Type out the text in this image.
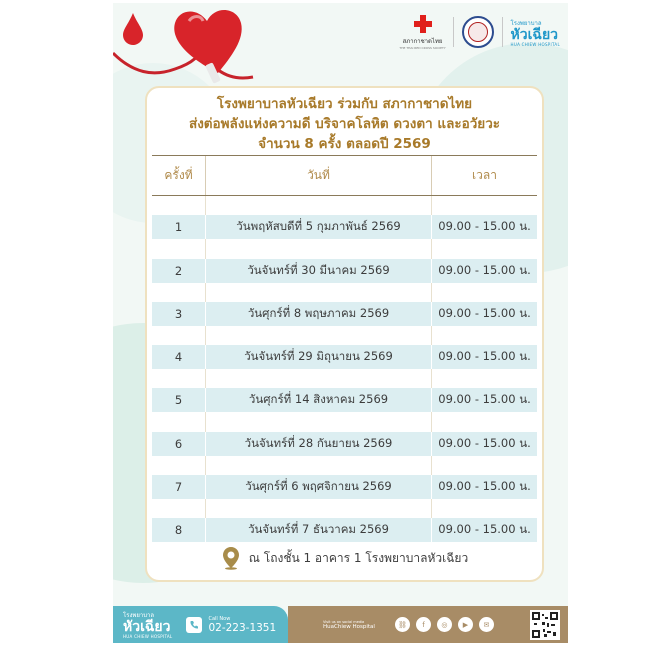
สภากาชาดไทย
THE THAI RED CROSS SOCIETY
โรงพยาบาล
หัวเฉียว
HUA CHIEW HOSPITAL
โรงพยาบาลหัวเฉียว ร่วมกับ สภากาชาดไทย
ส่งต่อพลังแห่งความดี บริจาคโลหิต ดวงตา และอวัยวะ
จำนวน 8 ครั้ง ตลอดปี 2569
ครั้งที่	วันที่	เวลา
1	วันพฤหัสบดีที่ 5 กุมภาพันธ์ 2569	09.00 - 15.00 น.
2	วันจันทร์ที่ 30 มีนาคม 2569	09.00 - 15.00 น.
3	วันศุกร์ที่ 8 พฤษภาคม 2569	09.00 - 15.00 น.
4	วันจันทร์ที่ 29 มิถุนายน 2569	09.00 - 15.00 น.
5	วันศุกร์ที่ 14 สิงหาคม 2569	09.00 - 15.00 น.
6	วันจันทร์ที่ 28 กันยายน 2569	09.00 - 15.00 น.
7	วันศุกร์ที่ 6 พฤศจิกายน 2569	09.00 - 15.00 น.
8	วันจันทร์ที่ 7 ธันวาคม 2569	09.00 - 15.00 น.
ณ โถงชั้น 1 อาคาร 1 โรงพยาบาลหัวเฉียว
โรงพยาบาล
หัวเฉียว
HUA CHIEW HOSPITAL
Call Now
02-223-1351	Visit us on social media
HuaChiew Hospital	⛓	f	◎	▶	✉
